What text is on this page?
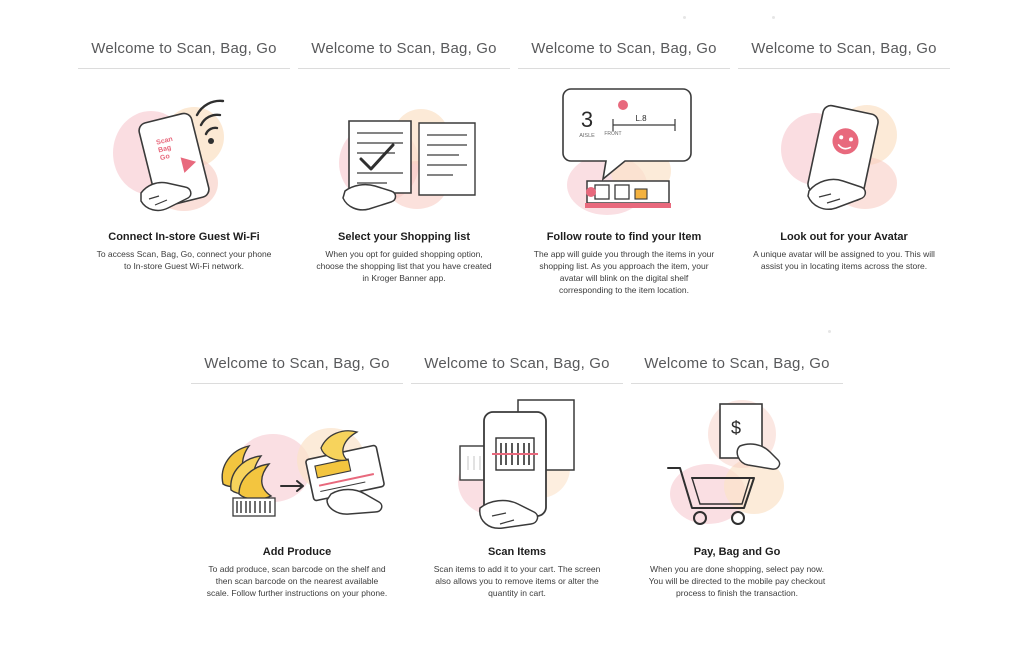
Welcome to Scan, Bag, Go
Scan
Bag
Go
Connect In-store Guest Wi-Fi
To access Scan, Bag, Go, connect your phone to In-store Guest Wi-Fi network.
Welcome to Scan, Bag, Go
Select your Shopping list
When you opt for guided shopping option, choose the shopping list that you have created in Kroger Banner app.
Welcome to Scan, Bag, Go
3
AISLE FRONT
L.8
Follow route to find your Item
The app will guide you through the items in your shopping list. As you approach the item, your avatar will blink on the digital shelf corresponding to the item location.
Welcome to Scan, Bag, Go
Look out for your Avatar
A unique avatar will be assigned to you. This will assist you in locating items across the store.
Welcome to Scan, Bag, Go
Add Produce
To add produce, scan barcode on the shelf and then scan barcode on the nearest available scale. Follow further instructions on your phone.
Welcome to Scan, Bag, Go
Scan Items
Scan items to add it to your cart. The screen also allows you to remove items or alter the quantity in cart.
Welcome to Scan, Bag, Go
$
Pay, Bag and Go
When you are done shopping, select pay now. You will be directed to the mobile pay checkout process to finish the transaction.
